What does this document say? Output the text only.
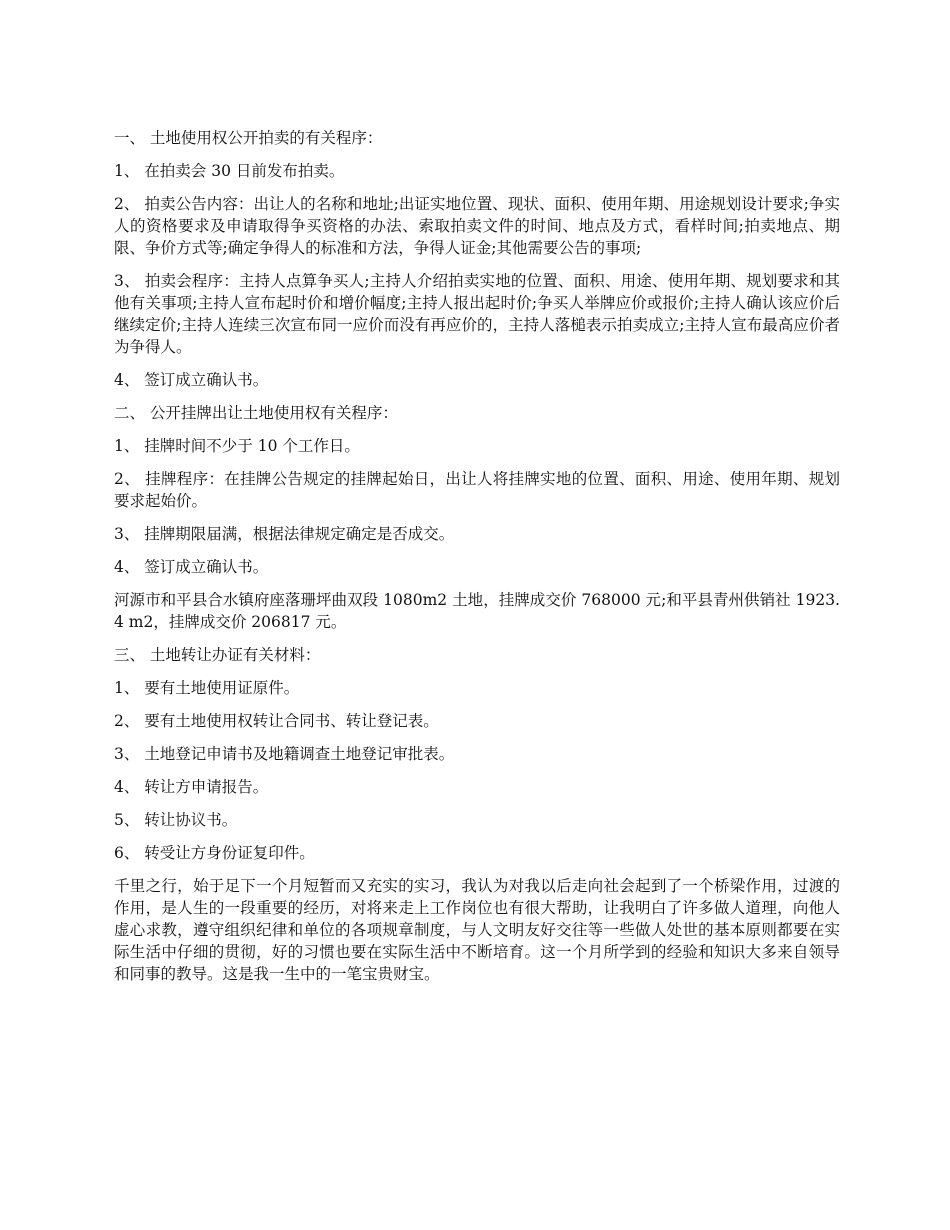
一、 土地使用权公开拍卖的有关程序：

1、 在拍卖会 30 日前发布拍卖。

2、 拍卖公告内容：出让人的名称和地址;出证实地位置、现状、面积、使用年期、用途规划设计要求;争实人的资格要求及申请取得争买资格的办法、索取拍卖文件的时间、地点及方式，看样时间;拍卖地点、期限、争价方式等;确定争得人的标准和方法，争得人证金;其他需要公告的事项;

3、 拍卖会程序：主持人点算争买人;主持人介绍拍卖实地的位置、面积、用途、使用年期、规划要求和其他有关事项;主持人宣布起时价和增价幅度;主持人报出起时价;争买人举牌应价或报价;主持人确认该应价后继续定价;主持人连续三次宣布同一应价而没有再应价的，主持人落槌表示拍卖成立;主持人宣布最高应价者为争得人。

4、 签订成立确认书。

二、 公开挂牌出让土地使用权有关程序：

1、 挂牌时间不少于 10 个工作日。

2、 挂牌程序：在挂牌公告规定的挂牌起始日，出让人将挂牌实地的位置、面积、用途、使用年期、规划要求起始价。

3、 挂牌期限届满，根据法律规定确定是否成交。

4、 签订成立确认书。

河源市和平县合水镇府座落珊坪曲双段 1080m2 土地，挂牌成交价 768000 元;和平县青州供销社 1923.4 m2，挂牌成交价 206817 元。

三、 土地转让办证有关材料：

1、 要有土地使用证原件。

2、 要有土地使用权转让合同书、转让登记表。

3、 土地登记申请书及地籍调查土地登记审批表。

4、 转让方申请报告。

5、 转让协议书。

6、 转受让方身份证复印件。

千里之行，始于足下一个月短暂而又充实的实习，我认为对我以后走向社会起到了一个桥梁作用，过渡的作用，是人生的一段重要的经历，对将来走上工作岗位也有很大帮助，让我明白了许多做人道理，向他人虚心求教，遵守组织纪律和单位的各项规章制度，与人文明友好交往等一些做人处世的基本原则都要在实际生活中仔细的贯彻，好的习惯也要在实际生活中不断培育。这一个月所学到的经验和知识大多来自领导和同事的教导。这是我一生中的一笔宝贵财宝。
